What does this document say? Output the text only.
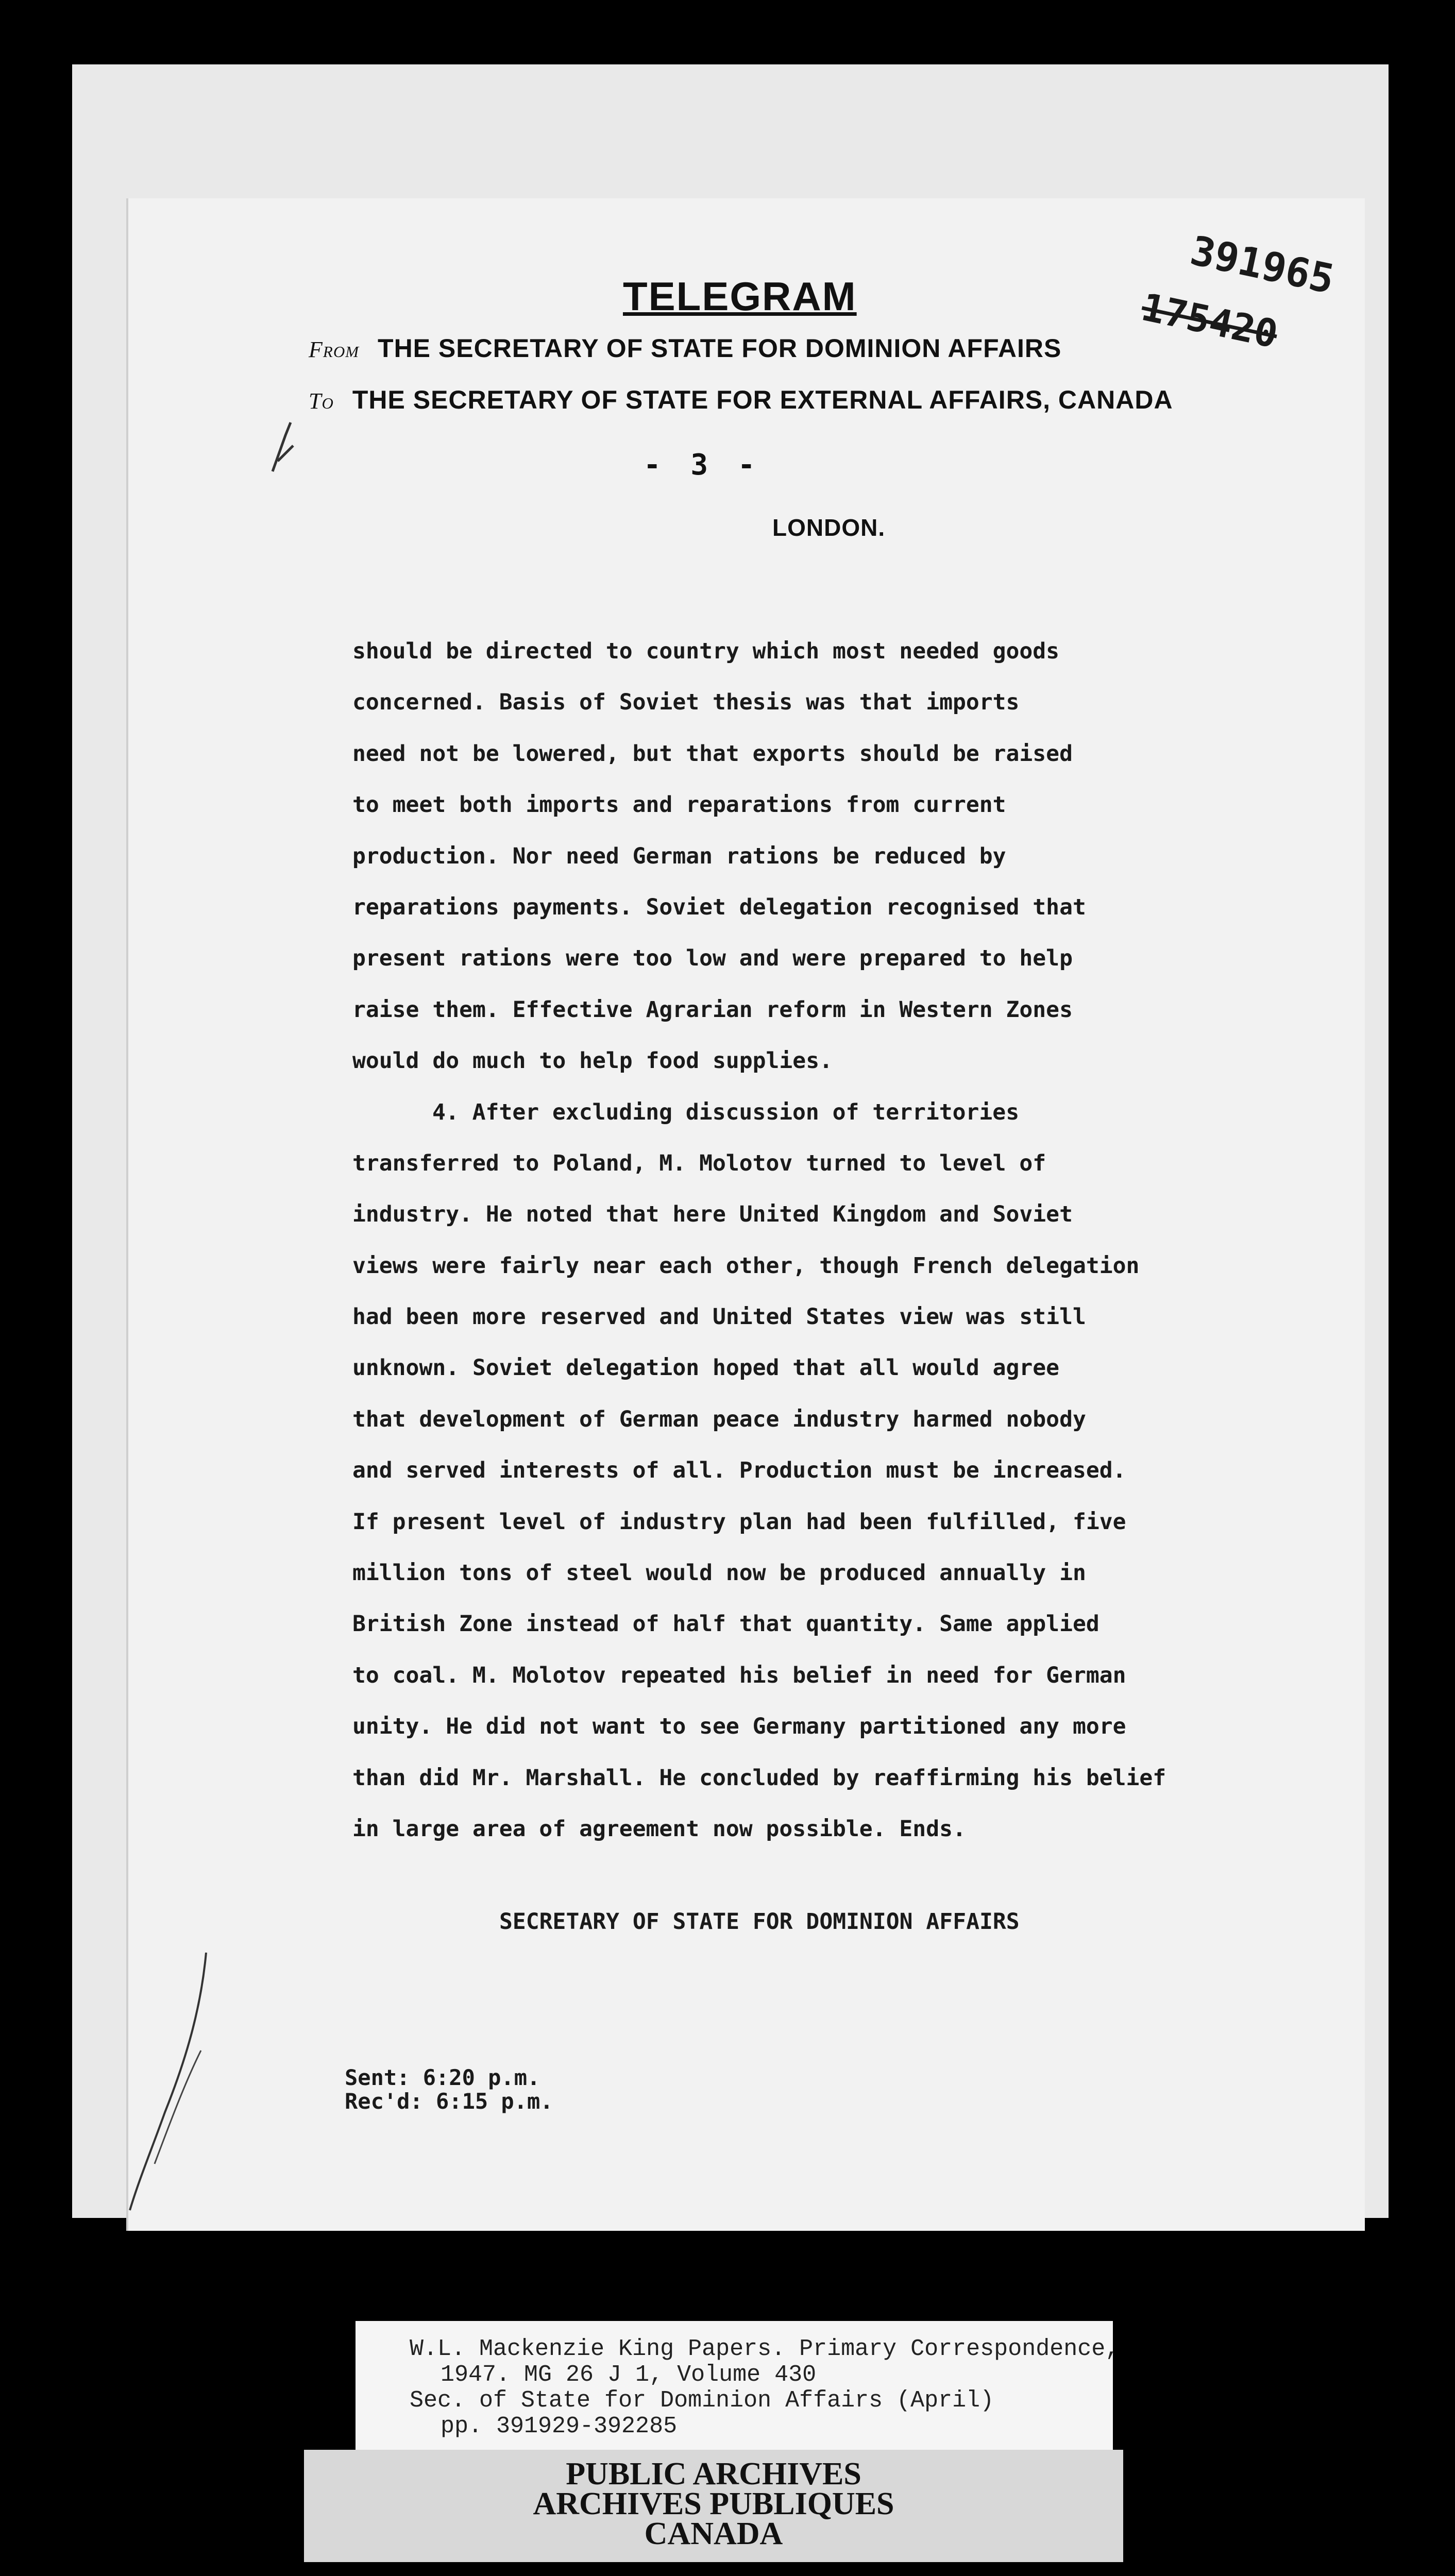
391965
175420
TELEGRAM
From THE SECRETARY OF STATE FOR DOMINION AFFAIRS
To THE SECRETARY OF STATE FOR EXTERNAL AFFAIRS, CANADA
- 3 -
LONDON.
should be directed to country which most needed goods
concerned. Basis of Soviet thesis was that imports
need not be lowered, but that exports should be raised
to meet both imports and reparations from current
production. Nor need German rations be reduced by
reparations payments. Soviet delegation recognised that
present rations were too low and were prepared to help
raise them. Effective Agrarian reform in Western Zones
would do much to help food supplies.
4. After excluding discussion of territories
transferred to Poland, M. Molotov turned to level of
industry. He noted that here United Kingdom and Soviet
views were fairly near each other, though French delegation
had been more reserved and United States view was still
unknown. Soviet delegation hoped that all would agree
that development of German peace industry harmed nobody
and served interests of all. Production must be increased.
If present level of industry plan had been fulfilled, five
million tons of steel would now be produced annually in
British Zone instead of half that quantity. Same applied
to coal. M. Molotov repeated his belief in need for German
unity. He did not want to see Germany partitioned any more
than did Mr. Marshall. He concluded by reaffirming his belief
in large area of agreement now possible. Ends.
SECRETARY OF STATE FOR DOMINION AFFAIRS
Sent: 6:20 p.m.
Rec'd: 6:15 p.m.
W.L. Mackenzie King Papers. Primary Correspondence,
1947. MG 26 J 1, Volume 430
Sec. of State for Dominion Affairs (April)
pp. 391929-392285
PUBLIC ARCHIVES
ARCHIVES PUBLIQUES
CANADA
